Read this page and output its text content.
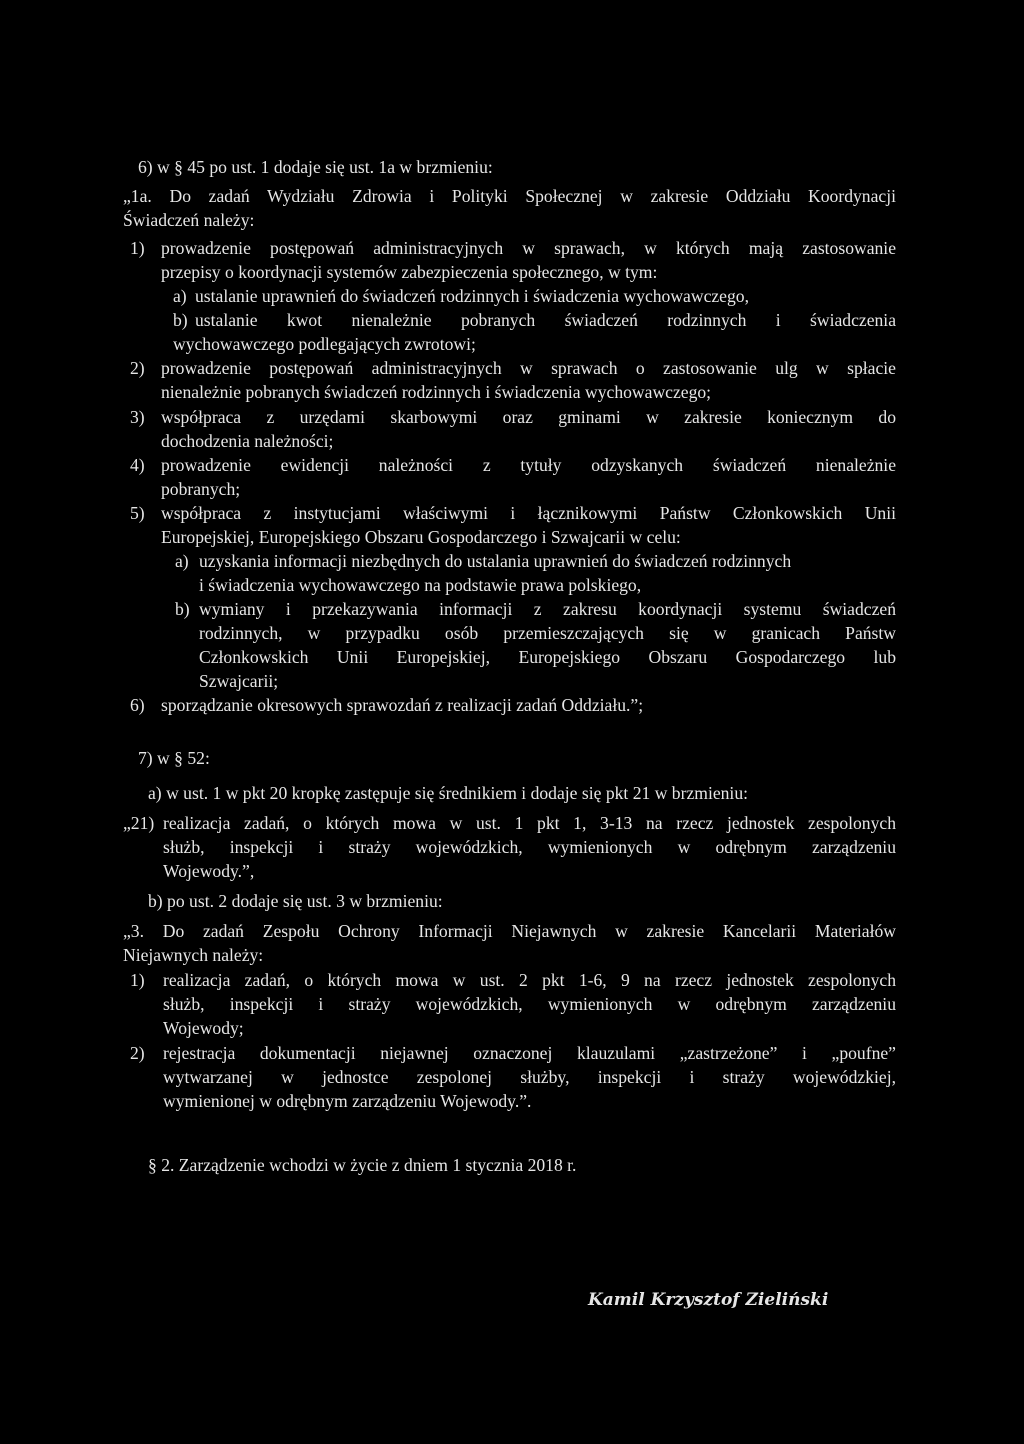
6) w § 45 po ust. 1 dodaje się ust. 1a w brzmieniu:
„1a. Do zadań Wydziału Zdrowia i Polityki Społecznej w zakresie Oddziału Koordynacji
Świadczeń należy:
1) prowadzenie postępowań administracyjnych w sprawach, w których mają zastosowanie
przepisy o koordynacji systemów zabezpieczenia społecznego, w tym:
a) ustalanie uprawnień do świadczeń rodzinnych i świadczenia wychowawczego,
b) ustalanie kwot nienależnie pobranych świadczeń rodzinnych i świadczenia
wychowawczego podlegających zwrotowi;
2) prowadzenie postępowań administracyjnych w sprawach o zastosowanie ulg w spłacie
nienależnie pobranych świadczeń rodzinnych i świadczenia wychowawczego;
3) współpraca z urzędami skarbowymi oraz gminami w zakresie koniecznym do
dochodzenia należności;
4) prowadzenie ewidencji należności z tytuły odzyskanych świadczeń nienależnie
pobranych;
5) współpraca z instytucjami właściwymi i łącznikowymi Państw Członkowskich Unii
Europejskiej, Europejskiego Obszaru Gospodarczego i Szwajcarii w celu:
a) uzyskania informacji niezbędnych do ustalania uprawnień do świadczeń rodzinnych
i świadczenia wychowawczego na podstawie prawa polskiego,
b) wymiany i przekazywania informacji z zakresu koordynacji systemu świadczeń
rodzinnych, w przypadku osób przemieszczających się w granicach Państw
Członkowskich Unii Europejskiej, Europejskiego Obszaru Gospodarczego lub
Szwajcarii;
6) sporządzanie okresowych sprawozdań z realizacji zadań Oddziału.”;
7) w § 52:
a) w ust. 1 w pkt 20 kropkę zastępuje się średnikiem i dodaje się pkt 21 w brzmieniu:
„21) realizacja zadań, o których mowa w ust. 1 pkt 1, 3-13 na rzecz jednostek zespolonych
służb, inspekcji i straży wojewódzkich, wymienionych w odrębnym zarządzeniu
Wojewody.”,
b) po ust. 2 dodaje się ust. 3 w brzmieniu:
„3. Do zadań Zespołu Ochrony Informacji Niejawnych w zakresie Kancelarii Materiałów
Niejawnych należy:
1) realizacja zadań, o których mowa w ust. 2 pkt 1-6, 9 na rzecz jednostek zespolonych
służb, inspekcji i straży wojewódzkich, wymienionych w odrębnym zarządzeniu
Wojewody;
2) rejestracja dokumentacji niejawnej oznaczonej klauzulami „zastrzeżone” i „poufne”
wytwarzanej w jednostce zespolonej służby, inspekcji i straży wojewódzkiej,
wymienionej w odrębnym zarządzeniu Wojewody.”.
§ 2. Zarządzenie wchodzi w życie z dniem 1 stycznia 2018 r.
Kamil Krzysztof Zieliński
